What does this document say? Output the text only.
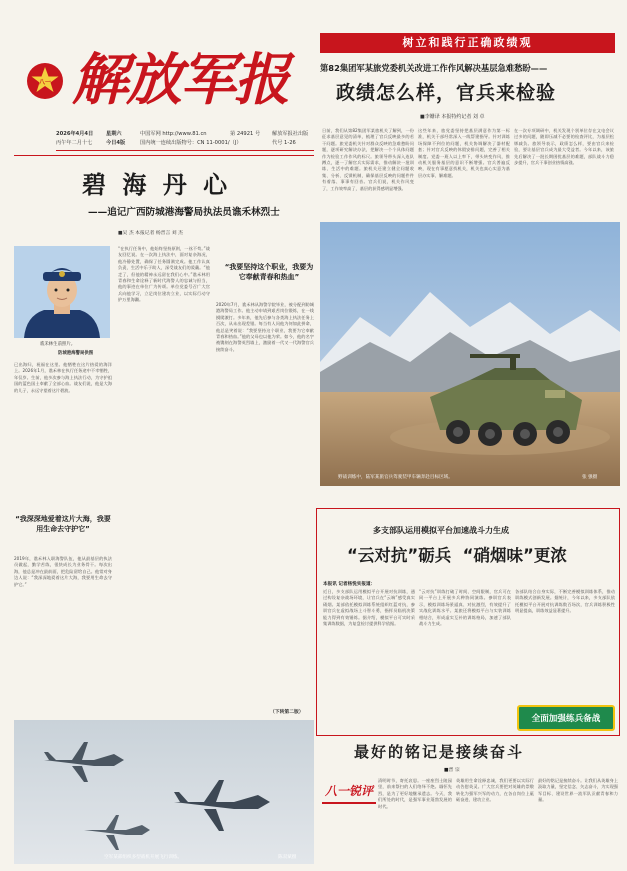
八一 解放军报
2026年4月4日 星期六
丙午年二月十七	今日4版
中国军网 http://www.81.cn	第 24921 号 解放军报社出版
国内统一连续出版物号：CN 11-0001/（J）	代号 1-26
树立和践行正确政绩观
第82集团军某旅党委机关改进工作作风解决基层急难愁盼——
政绩怎么样，官兵来检验
■李姗译 本报特约记者 刘 卓
日前，我们从第82集团军某旅机关了解到，一份征求基层意见的清单，梳理了官兵反映最多的若干问题。旅党委机关针对群众反映的急难愁盼问题，逐项研究解决办法，把解决一个个具体问题作为检验工作作风的标尺。旅领导带头深入连队蹲点，逐一了解官兵实际需求，推动解决一批训练、生活中的难题。旅机关还建立健全问题收集、分析、反馈机制，确保基层反映的问题件件有着落、事事有回音。官兵们说，机关作风变了，工作效率高了，基层的获得感明显增强。
这些年来，旅党委坚持把基层满意作为第一标准，机关干部经常深入一线帮建指导。针对训练场保障不到位的问题，机关协调解决了器材配套；针对官兵反映的休假安排问题，完善了相关制度。党委一班人以上率下，带头转变作风，推动机关服务基层的意识不断增强。官兵普遍反映，现在有事愿意找机关，机关也真心实意为基层办实事、解难题。
在一次专项调研中，机关发现个别单位存在文电会议过多的问题，随即压减不必要的检查评比，为基层松绑减负。旅领导表示，政绩怎么样，要由官兵来检验，要让基层官兵成为最大受益者。今年以来，该旅先后解决了一批长期困扰基层的难题，部队战斗力稳步提升，官兵干事创业热情高涨。
野战训练中，陆军某旅官兵驾驶装甲车辆奔赴目标区域。	张 强摄
碧 海 丹 心
——追记广西防城港海警局执法员谯禾林烈士
■吴 杰 本报记者 杨晋言 刘 杰
谯禾林生前照片。
防城港海警局供图
已出海归，祝福在这里。他牺牲在这片热爱的海洋上。2026年1月，谯禾林在执行任务途中不幸牺牲，年仅岁。生前，他多次参与海上执法行动，为守护祖国的蓝色国土奉献了全部心血。战友们说，他是大海的儿子，永远守望着这片碧波。
“我深深地爱着这片大海，我要用生命去守护它”
2019年，谯禾林入职海警队伍，他从最基层的执法员做起，勤学苦练，很快成长为业务骨干。每次出海，他总是冲在最前面，把危险留给自己。他常对身边人说：“我深深地爱着这片大海，我要用生命去守护它。”
“在执行任务中，他始终坚持原则，一丝不苟。”战友回忆说。在一次海上执法中，面对复杂海况，他冷静处置，确保了任务圆满完成。他工作认真负责，生活中乐于助人，深受战友们的爱戴。“他走了，但他的精神永远留在我们心中。”谯禾林用青春和生命诠释了新时代海警人的忠诚与担当，他的事迹在单位广为传颂。单位党委号召广大官兵向他学习，立足岗位建功立业，以实际行动守护万里海疆。
“我要坚持这个职业，我要为它奉献青春和热血”
2020年7月，谯禾林从海警学院毕业，被分配到防城港海警局工作。他主动申请到艰苦岗位锻炼，在一线摸爬滚打。多年来，他先后参与各类海上执法任务上百次，从未出现差错。每当有人问他为何如此拼命，他总是笑着说：“我要坚持这个职业，我要为它奉献青春和热血。”他的父母也以他为荣。如今，他的名字被镌刻在海警英烈墙上，激励着一代又一代海警官兵接续奋斗。
（下转第二版）
多支部队运用模拟平台加速战斗力生成
“云对抗”砺兵  “硝烟味”更浓
本报讯 记者杨悦实报道：
近日，多支部队运用模拟平台开展对抗训练，通过构设复杂战场环境，让官兵在“云端”感受真实硝烟。某部依托模拟训练系统组织红蓝对抗，参训官兵在虚拟战场上斗智斗勇，指挥员临机决策能力得到有效锤炼。据介绍，模拟平台可实时采集训练数据，为复盘检讨提供科学依据。
“云对抗”训练打破了时间、空间限制，官兵可在同一平台上开展多兵种协同演练。参训官兵表示，模拟训练场景逼真、对抗激烈，有效提升了实战化训练水平。某旅还将模拟平台与实装训练相结合，形成虚实互补的训练格局，加速了部队战斗力生成。
各部队结合自身实际，不断完善模拟训练体系，推动训练模式创新发展。据统计，今年以来，多支部队依托模拟平台开展对抗训练数百场次，官兵训练积极性明显提高，训练效益显著提升。
全面加强练兵备战
空军某部组织多型战机开展飞行训练。	陈双斌摄
最好的铭记是接续奋斗
■晋 宗
八一锐评
清明时节，寄托哀思。一座座烈士陵园里，前来祭扫的人们络绎不绝。缅怀先烈，是为了更好地继承遗志。今天，我们所处的时代，是强军事业蓬勃发展的时代。
英雄用生命诠释忠诚，我们更要以实际行动告慰英灵。广大官兵要把对英雄的崇敬转化为强军兴军的动力，在各自岗位上砥砺奋进、建功立业。
最好的铭记是接续奋斗。让我们从英雄身上汲取力量，坚定信念、矢志奋斗，为实现强军目标、建设世界一流军队贡献青春和力量。
